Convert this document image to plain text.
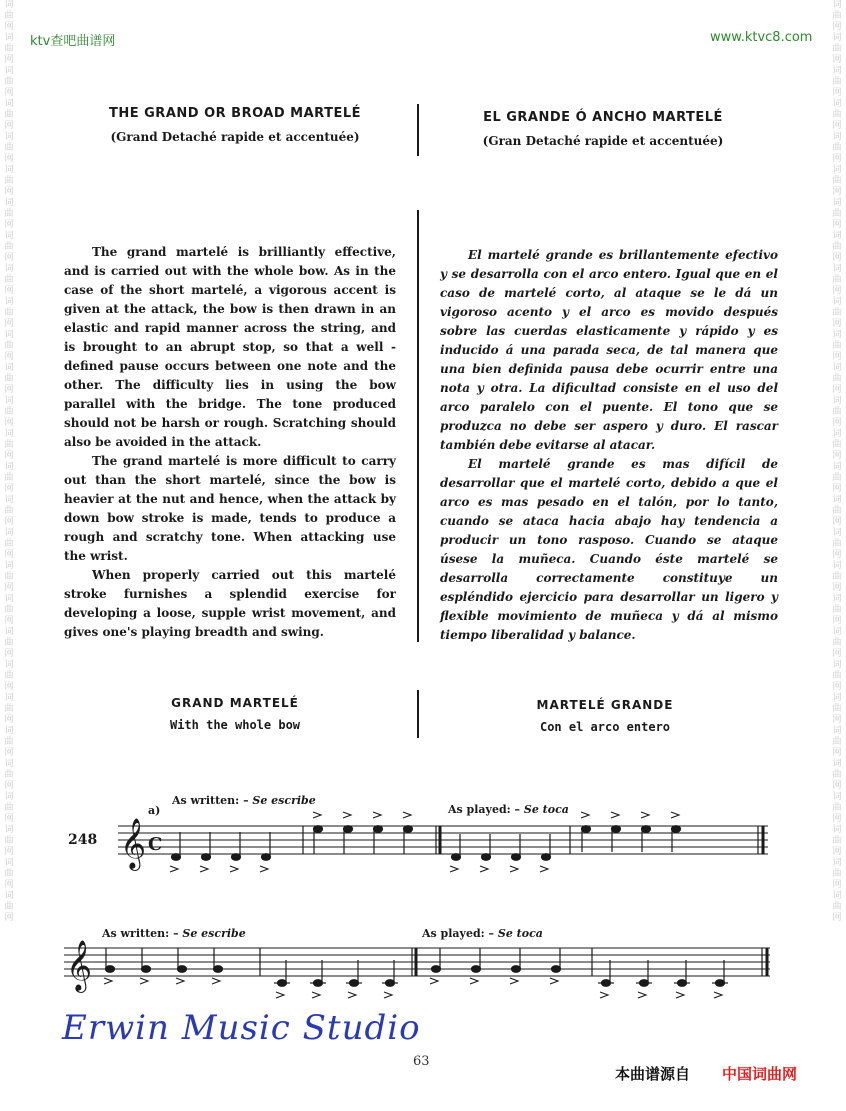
词曲网词曲网词曲网词曲网词曲网词曲网词曲网词曲网词曲网词曲网词曲网词曲网词曲网词曲网词曲网词曲网词曲网词曲网词曲网词曲网词曲网词曲网词曲网词曲网词曲网词曲网词曲网词曲网
词曲网词曲网词曲网词曲网词曲网词曲网词曲网词曲网词曲网词曲网词曲网词曲网词曲网词曲网词曲网词曲网词曲网词曲网词曲网词曲网词曲网词曲网词曲网词曲网词曲网词曲网词曲网词曲网
ktv查吧曲谱网	www.ktvc8.com
THE GRAND OR BROAD MARTELÉ
(Grand Detaché rapide et accentuée)
EL GRANDE Ó ANCHO MARTELÉ
(Gran Detaché rapide et accentuée)

The grand martelé is brilliantly effective, and is carried out with the whole bow. As in the case of the short martelé, a vigorous accent is given at the attack, the bow is then drawn in an elastic and rapid manner across the string, and is brought to an abrupt stop, so that a well - defined pause occurs between one note and the other. The difficulty lies in using the bow parallel with the bridge. The tone produced should not be harsh or rough. Scratching should also be avoided in the attack.

The grand martelé is more difficult to carry out than the short martelé, since the bow is heavier at the nut and hence, when the attack by down bow stroke is made, tends to produce a rough and scratchy tone. When attacking use the wrist.

When properly carried out this martelé stroke furnishes a splendid exercise for developing a loose, supple wrist movement, and gives one's playing breadth and swing.

El martelé grande es brillantemente efectivo y se desarrolla con el arco entero. Igual que en el caso de martelé corto, al ataque se le dá un vigoroso acento y el arco es movido después sobre las cuerdas elasticamente y rápido y es inducido á una parada seca, de tal manera que una bien definida pausa debe ocurrir entre una nota y otra. La dificultad consiste en el uso del arco paralelo con el puente. El tono que se produzca no debe ser aspero y duro. El rascar también debe evitarse al atacar.

El martelé grande es mas difícil de desarrollar que el martelé corto, debido a que el arco es mas pesado en el talón, por lo tanto, cuando se ataca hacia abajo hay tendencia a producir un tono rasposo. Cuando se ataque úsese la muñeca. Cuando éste martelé se desarrolla correctamente constituye un espléndido ejercicio para desarrollar un ligero y flexible movimiento de muñeca y dá al mismo tiempo liberalidad y balance.

GRAND MARTELÉ
With the whole bow
MARTELÉ GRANDE
Con el arco entero
248
a)
As written: – Se escribe
As played: – Se toca
𝄞 C
As written: – Se escribe	As played: – Se toca
𝄞
Erwin Music Studio
63
本曲谱源自 中国词曲网
